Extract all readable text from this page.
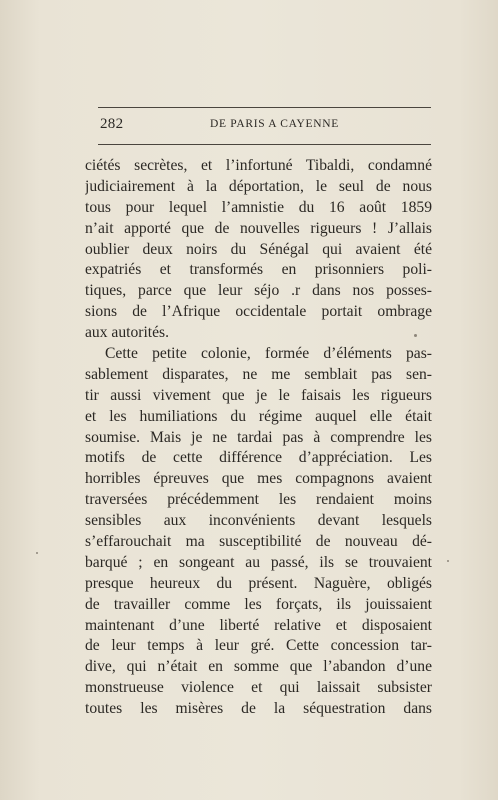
282	DE PARIS A CAYENNE
ciétés secrètes, et l’infortuné Tibaldi, condamné
judiciairement à la déportation, le seul de nous
tous pour lequel l’amnistie du 16 août 1859
n’ait apporté que de nouvelles rigueurs ! J’allais
oublier deux noirs du Sénégal qui avaient été
expatriés et transformés en prisonniers poli-
tiques, parce que leur séjo .r dans nos posses-
sions de l’Afrique occidentale portait ombrage
aux autorités.
Cette petite colonie, formée d’éléments pas-
sablement disparates, ne me semblait pas sen-
tir aussi vivement que je le faisais les rigueurs
et les humiliations du régime auquel elle était
soumise. Mais je ne tardai pas à comprendre les
motifs de cette différence d’appréciation. Les
horribles épreuves que mes compagnons avaient
traversées précédemment les rendaient moins
sensibles aux inconvénients devant lesquels
s’effarouchait ma susceptibilité de nouveau dé-
barqué ; en songeant au passé, ils se trouvaient
presque heureux du présent. Naguère, obligés
de travailler comme les forçats, ils jouissaient
maintenant d’une liberté relative et disposaient
de leur temps à leur gré. Cette concession tar-
dive, qui n’était en somme que l’abandon d’une
monstrueuse violence et qui laissait subsister
toutes les misères de la séquestration dans
